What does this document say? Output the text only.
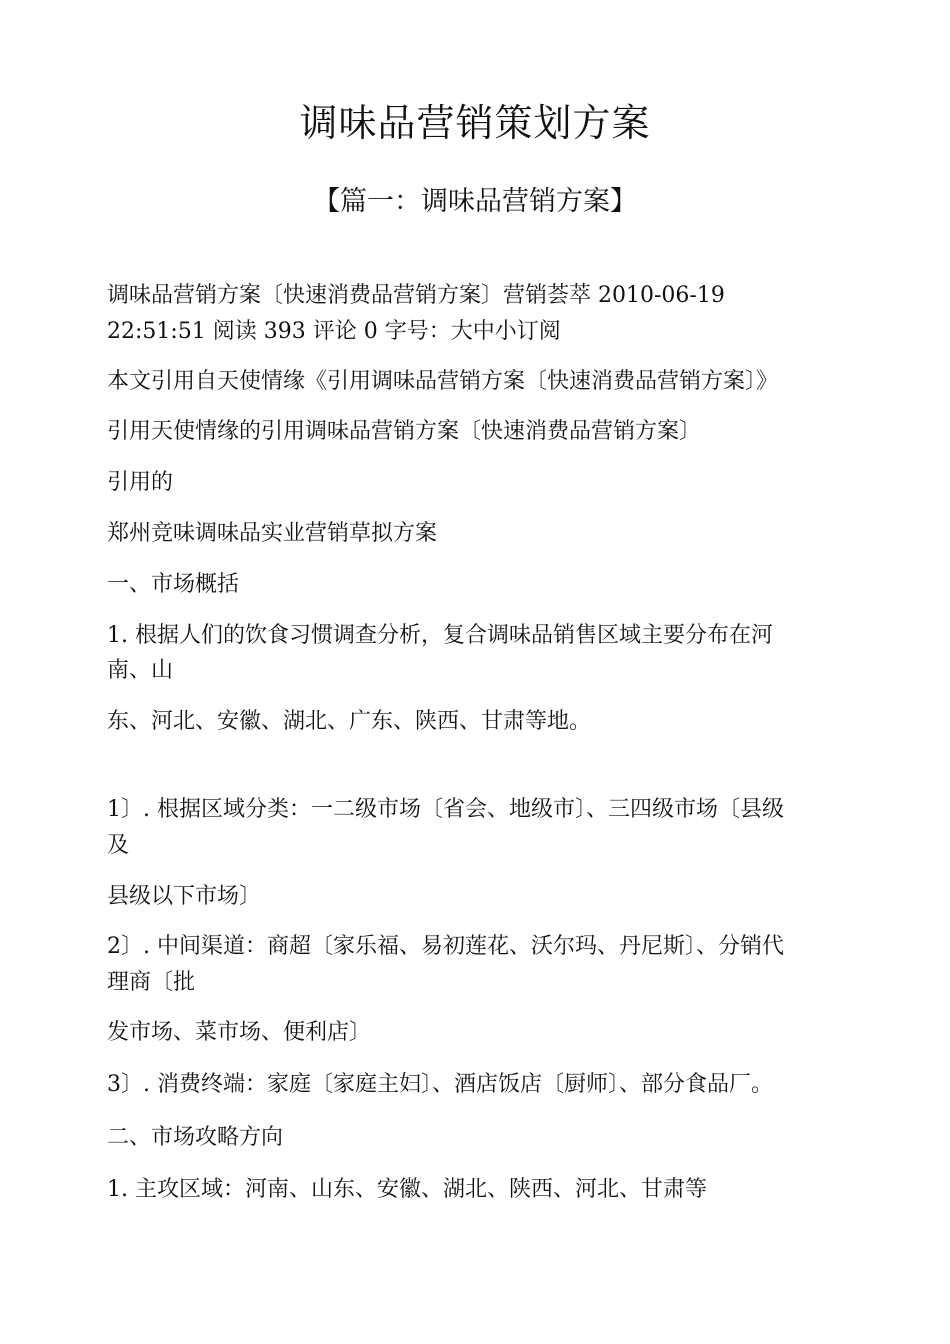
调味品营销策划方案
【篇一：调味品营销方案】
调味品营销方案〔快速消费品营销方案〕营销荟萃 2010-06-19
22:51:51 阅读 393 评论 0 字号：大中小订阅
本文引用自天使情缘《引用调味品营销方案〔快速消费品营销方案〕》
引用天使情缘的引用调味品营销方案〔快速消费品营销方案〕
引用的
郑州竞味调味品实业营销草拟方案
一、市场概括
1. 根据人们的饮食习惯调查分析，复合调味品销售区域主要分布在河
南、山
东、河北、安徽、湖北、广东、陕西、甘肃等地。
1〕. 根据区域分类：一二级市场〔省会、地级市〕、三四级市场〔县级
及
县级以下市场〕
2〕. 中间渠道：商超〔家乐福、易初莲花、沃尔玛、丹尼斯〕、分销代
理商〔批
发市场、菜市场、便利店〕
3〕. 消费终端：家庭〔家庭主妇〕、酒店饭店〔厨师〕、部分食品厂。
二、市场攻略方向
1. 主攻区域：河南、山东、安徽、湖北、陕西、河北、甘肃等
